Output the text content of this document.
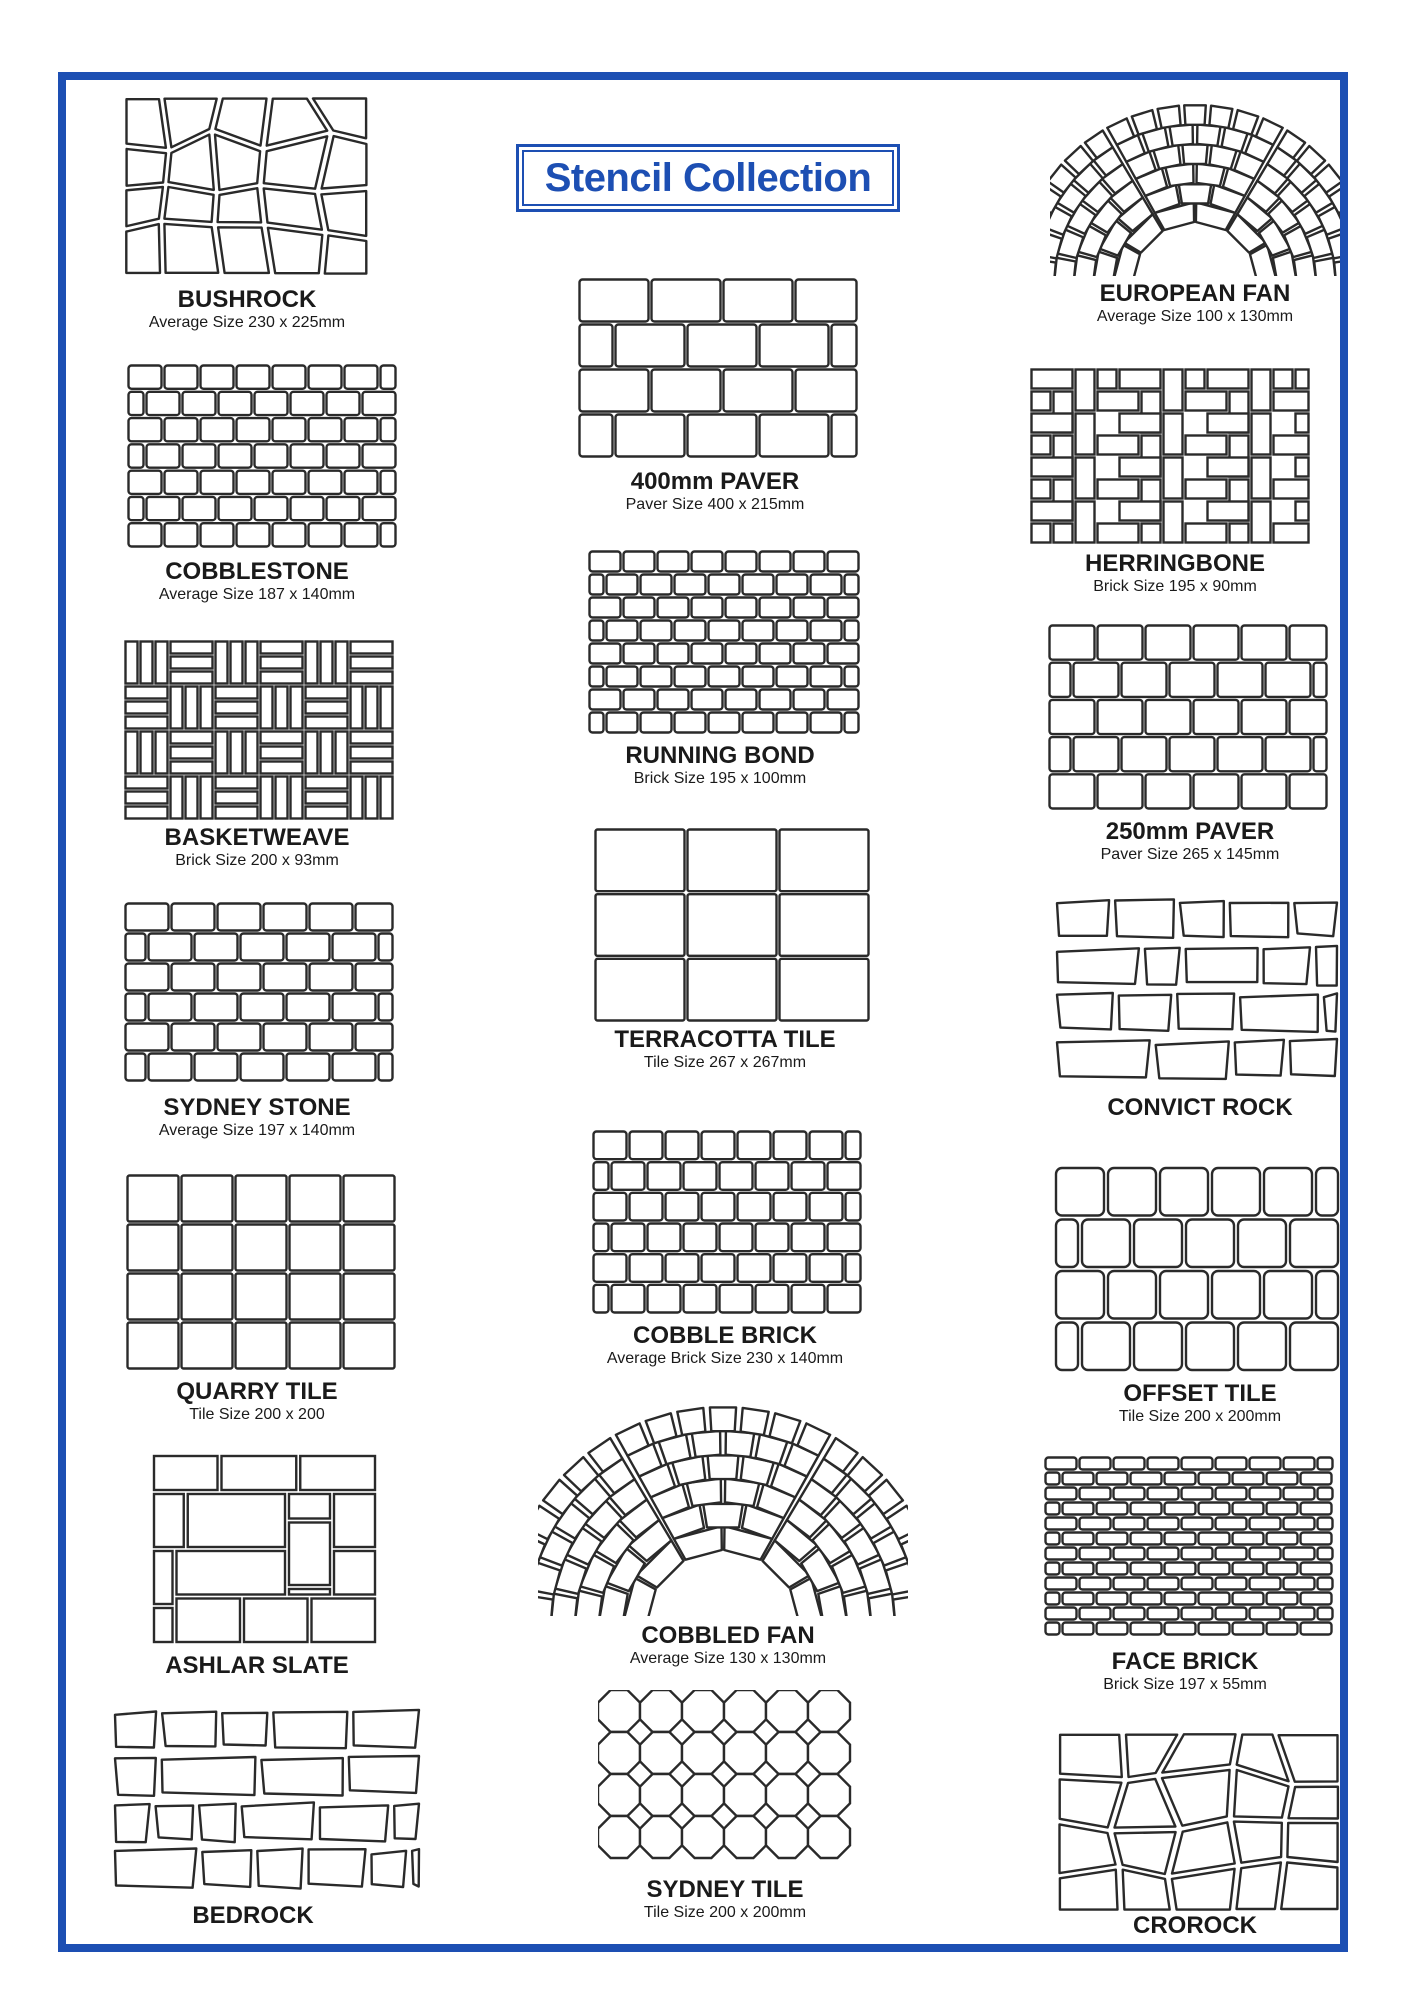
Stencil Collection
BUSHROCK
Average Size 230 x 225mm
COBBLESTONE
Average Size 187 x 140mm
BASKETWEAVE
Brick Size 200 x 93mm
SYDNEY STONE
Average Size 197 x 140mm
QUARRY TILE
Tile Size 200 x 200
ASHLAR SLATE
BEDROCK
400mm PAVER
Paver Size 400 x 215mm
RUNNING BOND
Brick Size 195 x 100mm
TERRACOTTA TILE
Tile Size 267 x 267mm
COBBLE BRICK
Average Brick Size 230 x 140mm
COBBLED FAN
Average Size 130 x 130mm
SYDNEY TILE
Tile Size 200 x 200mm
EUROPEAN FAN
Average Size 100 x 130mm
HERRINGBONE
Brick Size 195 x 90mm
250mm PAVER
Paver Size 265 x 145mm
CONVICT ROCK
OFFSET TILE
Tile Size 200 x 200mm
FACE BRICK
Brick Size 197 x 55mm
CROROCK
